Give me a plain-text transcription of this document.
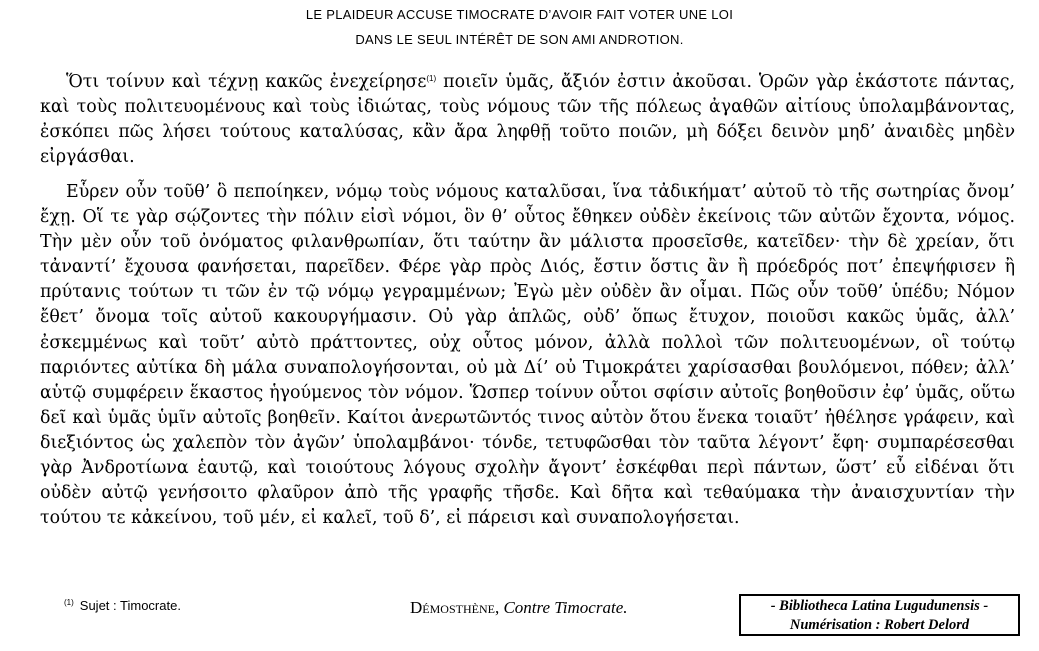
LE PLAIDEUR ACCUSE TIMOCRATE D’AVOIR FAIT VOTER UNE LOI
DANS LE SEUL INTÉRÊT DE SON AMI ANDROTION.
Ὅτι τοίνυν καὶ τέχνῃ κακῶς ἐνεχείρησε$^{(1)}$ ποιεῖν ὑμᾶς, ἄξιόν ἐστιν ἀκοῦσαι. Ὁρῶν γὰρ ἑκάστοτε πάντας, καὶ τοὺς πολιτευομένους καὶ τοὺς ἰδιώτας, τοὺς νόμους τῶν τῆς πόλεως ἀγαθῶν αἰτίους ὑπολαμβάνοντας, ἐσκόπει πῶς λήσει τούτους καταλύσας, κἂν ἄρα ληφθῇ τοῦτο ποιῶν, μὴ δόξει δεινὸν μηδ’ ἀναιδὲς μηδὲν εἰργάσθαι.
Εὗρεν οὖν τοῦθ’ ὃ πεποίηκεν, νόμῳ τοὺς νόμους καταλῦσαι, ἵνα τἀδικήματ’ αὐτοῦ τὸ τῆς σωτηρίας ὄνομ’ ἔχῃ. Οἵ τε γὰρ σῴζοντες τὴν πόλιν εἰσὶ νόμοι, ὃν θ’ οὗτος ἔθηκεν οὐδὲν ἐκείνοις τῶν αὐτῶν ἔχοντα, νόμος. Τὴν μὲν οὖν τοῦ ὀνόματος φιλανθρωπίαν, ὅτι ταύτην ἂν μάλιστα προσεῖσθε, κατεῖδεν· τὴν δὲ χρείαν, ὅτι τἀναντί’ ἔχουσα φανήσεται, παρεῖδεν. Φέρε γὰρ πρὸς Διός, ἔστιν ὅστις ἂν ἢ πρόεδρός ποτ’ ἐπεψήφισεν ἢ πρύτανις τούτων τι τῶν ἐν τῷ νόμῳ γεγραμμένων; Ἐγὼ μὲν οὐδὲν ἂν οἶμαι. Πῶς οὖν τοῦθ’ ὑπέδυ; Νόμον ἔθετ’ ὄνομα τοῖς αὐτοῦ κακουργήμασιν. Οὐ γὰρ ἁπλῶς, οὐδ’ ὅπως ἔτυχον, ποιοῦσι κακῶς ὑμᾶς, ἀλλ’ ἐσκεμμένως καὶ τοῦτ’ αὐτὸ πράττοντες, οὐχ οὗτος μόνον, ἀλλὰ πολλοὶ τῶν πολιτευομένων, οἳ τούτῳ παριόντες αὐτίκα δὴ μάλα συναπολογήσονται, οὐ μὰ Δί’ οὐ Τιμοκράτει χαρίσασθαι βουλόμενοι, πόθεν; ἀλλ’ αὑτῷ συμφέρειν ἕκαστος ἡγούμενος τὸν νόμον. Ὥσπερ τοίνυν οὗτοι σφίσιν αὐτοῖς βοηθοῦσιν ἐφ’ ὑμᾶς, οὕτω δεῖ καὶ ὑμᾶς ὑμῖν αὐτοῖς βοηθεῖν. Καίτοι ἀνερωτῶντός τινος αὐτὸν ὅτου ἕνεκα τοιαῦτ’ ἠθέλησε γράφειν, καὶ διεξιόντος ὡς χαλεπὸν τὸν ἀγῶν’ ὑπολαμβάνοι· τόνδε, τετυφῶσθαι τὸν ταῦτα λέγοντ’ ἔφη· συμπαρέσεσθαι γὰρ Ἀνδροτίωνα ἑαυτῷ, καὶ τοιούτους λόγους σχολὴν ἄγοντ’ ἐσκέφθαι περὶ πάντων, ὥστ’ εὖ εἰδέναι ὅτι οὐδὲν αὐτῷ γενήσοιτο φλαῦρον ἀπὸ τῆς γραφῆς τῆσδε. Καὶ δῆτα καὶ τεθαύμακα τὴν ἀναισχυντίαν τὴν τούτου τε κἀκείνου, τοῦ μέν, εἰ καλεῖ, τοῦ δ’, εἰ πάρεισι καὶ συναπολογήσεται.
$^{(1)}$ Sujet : Timocrate.	Démosthène, Contre Timocrate.	- Bibliotheca Latina Lugudunensis -
Numérisation : Robert Delord
